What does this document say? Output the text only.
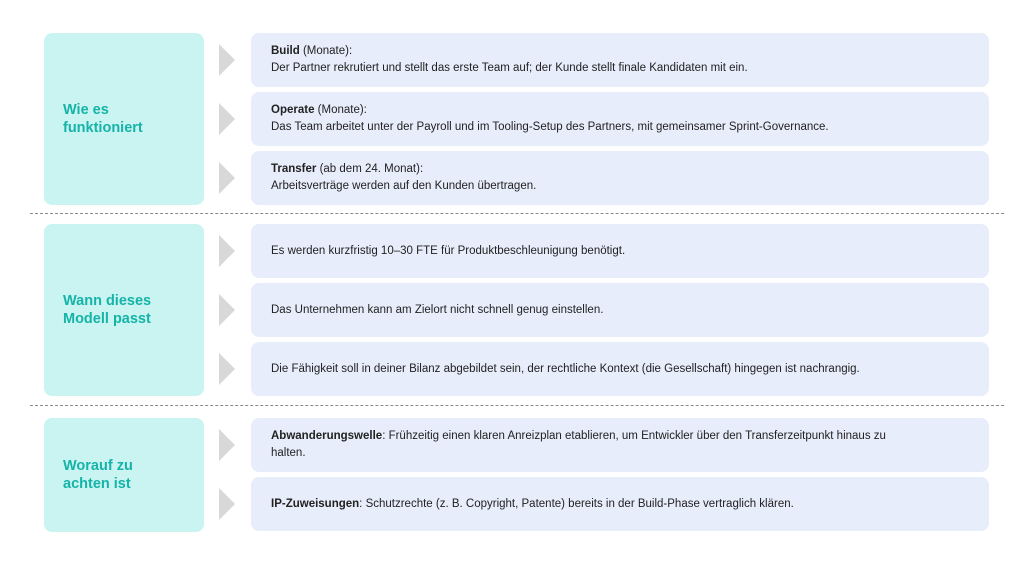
Wie es
funktioniert
Build (Monate):
Der Partner rekrutiert und stellt das erste Team auf; der Kunde stellt finale Kandidaten mit ein.
Operate (Monate):
Das Team arbeitet unter der Payroll und im Tooling-Setup des Partners, mit gemeinsamer Sprint-Governance.
Transfer (ab dem 24. Monat):
Arbeitsverträge werden auf den Kunden übertragen.
Wann dieses
Modell passt
Es werden kurzfristig 10–30 FTE für Produktbeschleunigung benötigt.
Das Unternehmen kann am Zielort nicht schnell genug einstellen.
Die Fähigkeit soll in deiner Bilanz abgebildet sein, der rechtliche Kontext (die Gesellschaft) hingegen ist nachrangig.
Worauf zu
achten ist
Abwanderungswelle: Frühzeitig einen klaren Anreizplan etablieren, um Entwickler über den Transferzeitpunkt hinaus zu halten.
IP-Zuweisungen: Schutzrechte (z. B. Copyright, Patente) bereits in der Build-Phase vertraglich klären.
